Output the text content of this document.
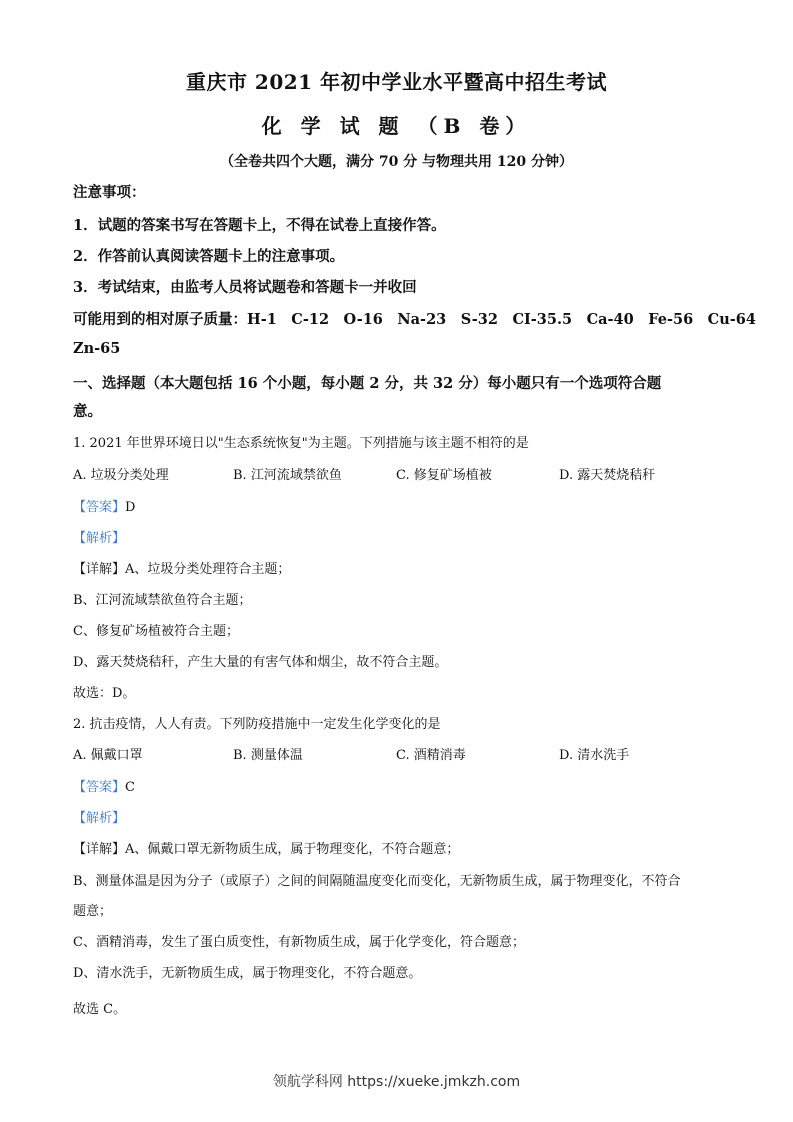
重庆市 2021 年初中学业水平暨高中招生考试
化 学 试 题 （B 卷）
（全卷共四个大题，满分 70 分 与物理共用 120 分钟）
注意事项：
1．试题的答案书写在答题卡上，不得在试卷上直接作答。
2．作答前认真阅读答题卡上的注意事项。
3．考试结束，由监考人员将试题卷和答题卡一并收回
可能用到的相对原子质量：H-1　C-12　O-16　Na-23　S-32　CI-35.5　Ca-40　Fe-56　Cu-64
Zn-65
一、选择题（本大题包括 16 个小题，每小题 2 分，共 32 分）每小题只有一个选项符合题
意。
1. 2021 年世界环境日以"生态系统恢复"为主题。下列措施与该主题不相符的是
A. 垃圾分类处理	B. 江河流域禁欲鱼	C. 修复矿场植被	D. 露天焚烧秸秆
【答案】D
【解析】
【详解】A、垃圾分类处理符合主题；
B、江河流域禁欲鱼符合主题；
C、修复矿场植被符合主题；
D、露天焚烧秸秆，产生大量的有害气体和烟尘，故不符合主题。
故选：D。
2. 抗击疫情，人人有责。下列防疫措施中一定发生化学变化的是
A. 佩戴口罩	B. 测量体温	C. 酒精消毒	D. 清水洗手
【答案】C
【解析】
【详解】A、佩戴口罩无新物质生成，属于物理变化，不符合题意；
B、测量体温是因为分子（或原子）之间的间隔随温度变化而变化，无新物质生成，属于物理变化，不符合
题意；
C、酒精消毒，发生了蛋白质变性，有新物质生成，属于化学变化，符合题意；
D、清水洗手，无新物质生成，属于物理变化，不符合题意。
故选 C。
领航学科网 https://xueke.jmkzh.com
